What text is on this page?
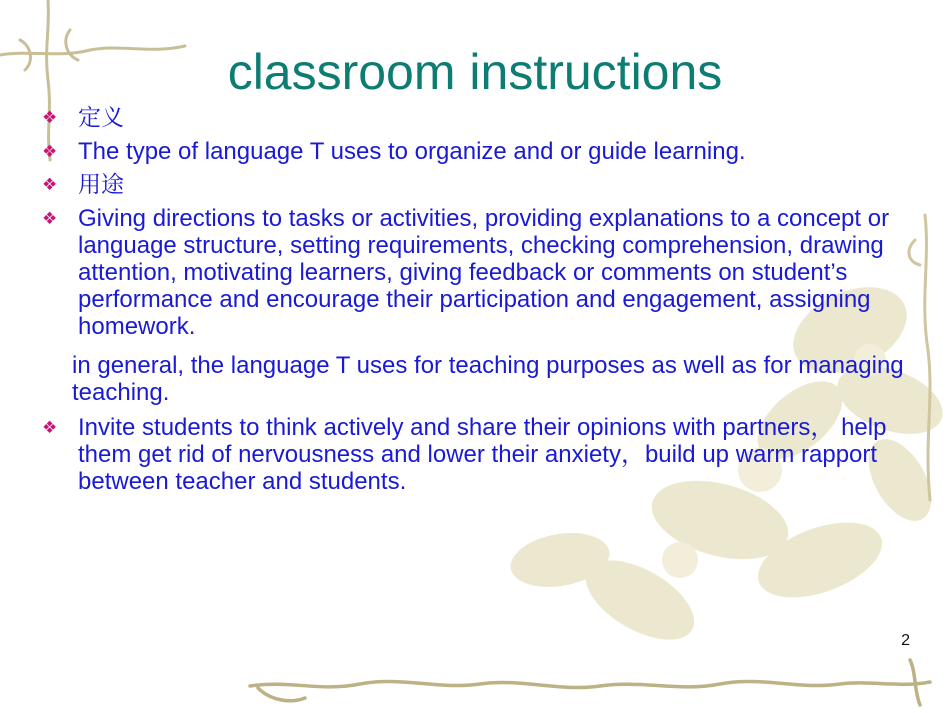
classroom instructions
❖ 定义
❖ The type of language T uses to organize and or guide learning.
❖ 用途
❖ Giving directions to tasks or activities, providing explanations to a concept or language structure, setting requirements, checking comprehension, drawing attention, motivating learners, giving feedback or comments on student’s performance and encourage their participation and engagement, assigning homework.
in general, the language T uses for teaching purposes as well as for managing teaching.
❖ Invite students to think actively and share their opinions with partners， help them get rid of nervousness and lower their anxiety，build up warm rapport between teacher and students.
2
